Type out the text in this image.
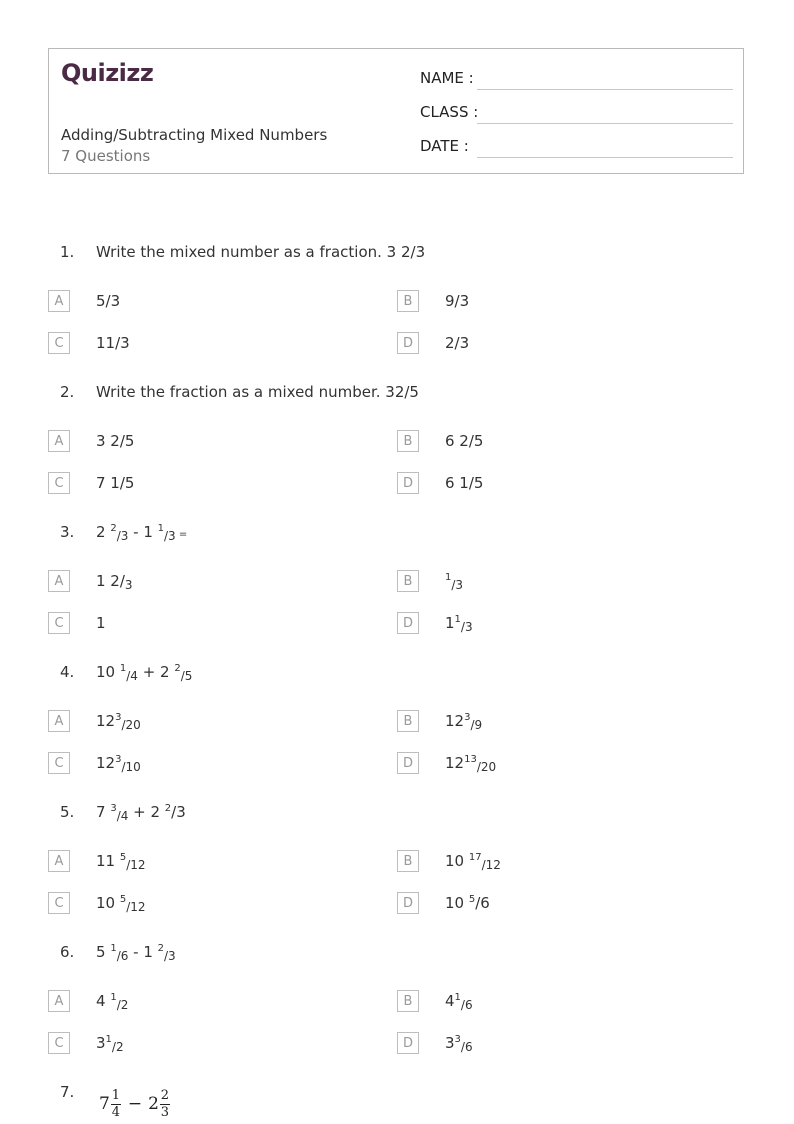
Quizizz
Adding/Subtracting Mixed Numbers
7 Questions
NAME :
CLASS :
DATE :
1. Write the mixed number as a fraction. 3 2/3
A	5/3	B	9/3
C	11/3	D	2/3
2. Write the fraction as a mixed number. 32/5
A	3 2/5	B	6 2/5
C	7 1/5	D	6 1/5
3. 2 $^2_{/3}$ - 1 $^1_{/3}$ =
A	1 $2/_3$	B	$^1_{/3}$
C	1	D	$1^1_{/3}$
4. 10 $^1_{/4}$ + 2 $^2_{/5}$
A	$12^3_{/20}$	B	$12^3_{/9}$
C	$12^3_{/10}$	D	$12^{13}_{/20}$
5. 7 $^3_{/4}$ + 2 $^2$/3
A	11 $^5_{/12}$	B	10 $^{17}_{/12}$
C	10 $^5_{/12}$	D	10 $^5$/6
6. 5 $^1_{/6}$ - 1 $^2_{/3}$
A	4 $^1_{/2}$	B	$4^1_{/6}$
C	$3^1_{/2}$	D	$3^3_{/6}$
7.
7 1
4 − 2 2
3
